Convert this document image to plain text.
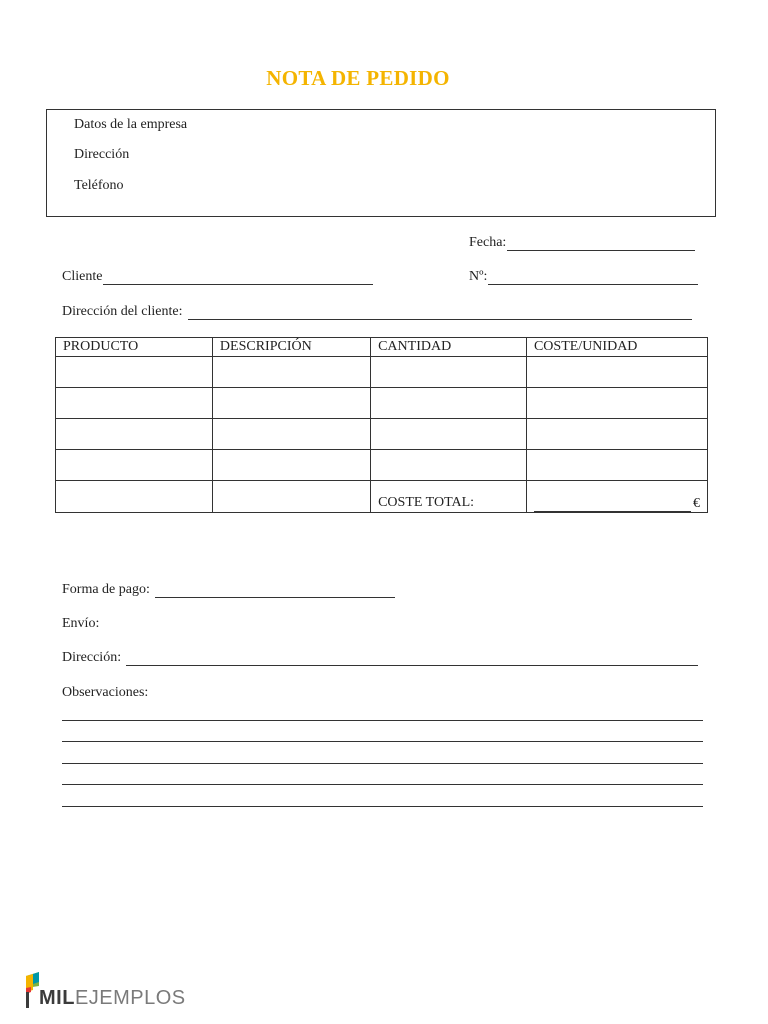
NOTA DE PEDIDO
Datos de la empresa
Dirección
Teléfono
Fecha:
Cliente	Nº:
Dirección del cliente:
PRODUCTO	DESCRIPCIÓN	CANTIDAD	COSTE/UNIDAD

		COSTE TOTAL:	€
Forma de pago:
Envío:
Dirección:
Observaciones:
MILEJEMPLOS
